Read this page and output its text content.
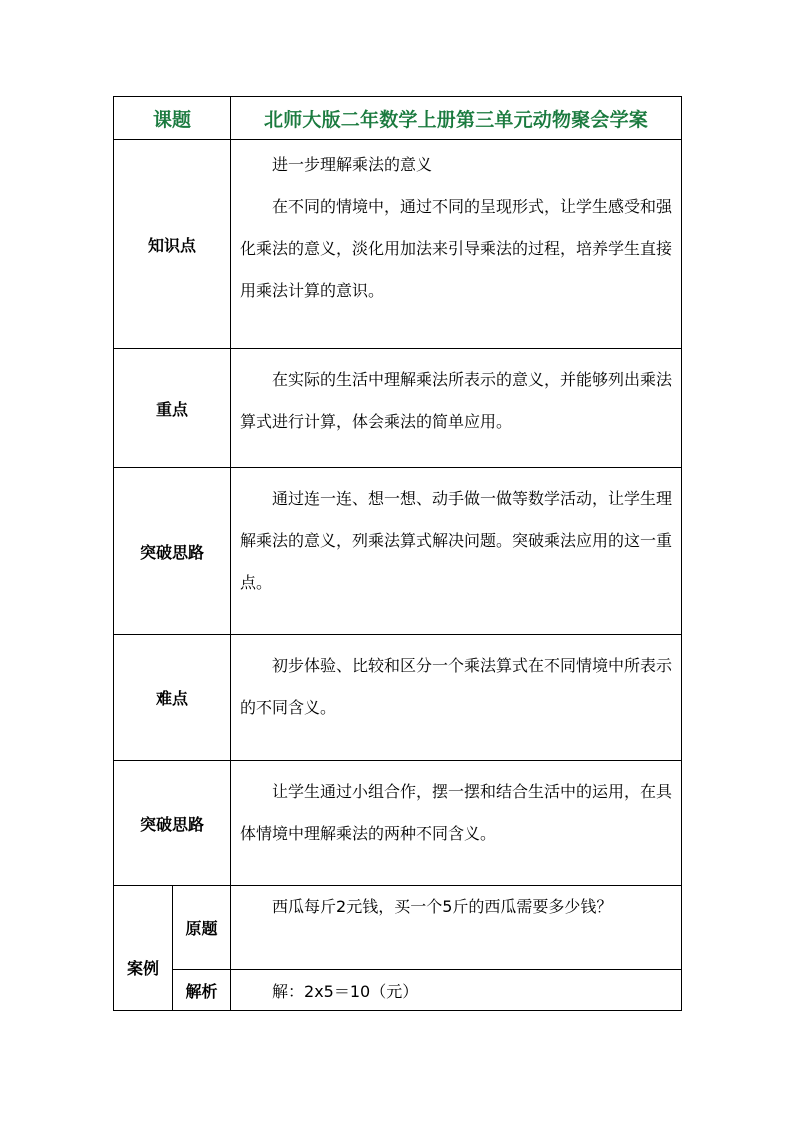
课题		北师大版二年数学上册第三单元动物聚会学案
知识点		进一步理解乘法的意义

在不同的情境中，通过不同的呈现形式，让学生感受和强化乘法的意义，淡化用加法来引导乘法的过程，培养学生直接用乘法计算的意识。

重点		在实际的生活中理解乘法所表示的意义，并能够列出乘法算式进行计算，体会乘法的简单应用。

突破思路		通过连一连、想一想、动手做一做等数学活动，让学生理解乘法的意义，列乘法算式解决问题。突破乘法应用的这一重点。

难点		初步体验、比较和区分一个乘法算式在不同情境中所表示的不同含义。

突破思路		让学生通过小组合作，摆一摆和结合生活中的运用，在具体情境中理解乘法的两种不同含义。

案例	原题	西瓜每斤2元钱，买一个5斤的西瓜需要多少钱？

	解析	解：2x5＝10（元）
